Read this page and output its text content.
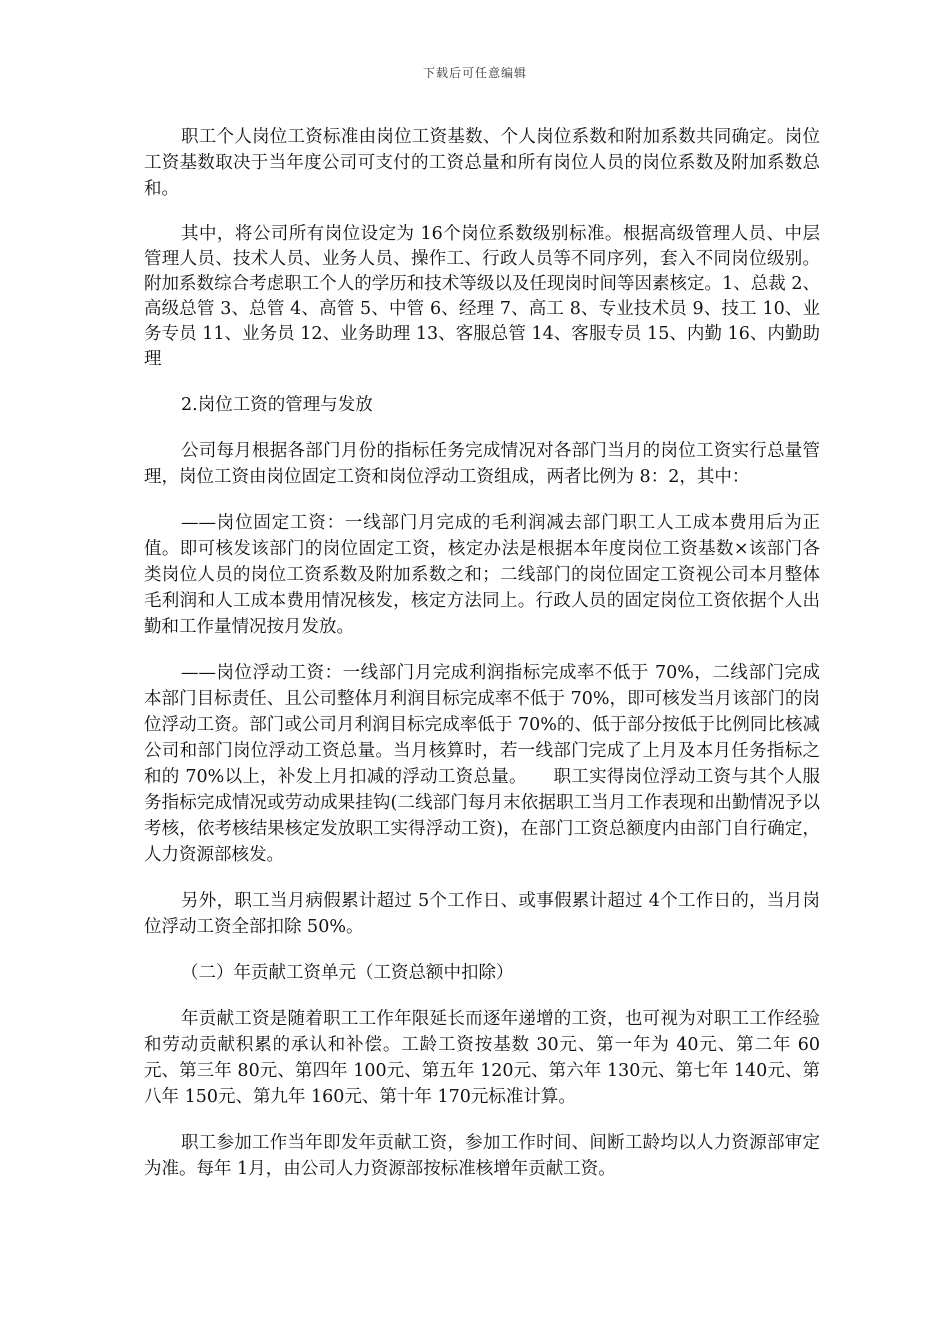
下载后可任意编辑

职工个人岗位工资标准由岗位工资基数、个人岗位系数和附加系数共同确定。岗位工资基数取决于当年度公司可支付的工资总量和所有岗位人员的岗位系数及附加系数总和。

其中，将公司所有岗位设定为 16个岗位系数级别标准。根据高级管理人员、中层管理人员、技术人员、业务人员、操作工、行政人员等不同序列，套入不同岗位级别。附加系数综合考虑职工个人的学历和技术等级以及任现岗时间等因素核定。1、总裁 2、高级总管 3、总管 4、高管 5、中管 6、经理 7、高工 8、专业技术员 9、技工 10、业务专员 11、业务员 12、业务助理 13、客服总管 14、客服专员 15、内勤 16、内勤助理

2.岗位工资的管理与发放

公司每月根据各部门月份的指标任务完成情况对各部门当月的岗位工资实行总量管理，岗位工资由岗位固定工资和岗位浮动工资组成，两者比例为 8：2，其中：

——岗位固定工资：一线部门月完成的毛利润减去部门职工人工成本费用后为正值。即可核发该部门的岗位固定工资，核定办法是根据本年度岗位工资基数×该部门各类岗位人员的岗位工资系数及附加系数之和；二线部门的岗位固定工资视公司本月整体毛利润和人工成本费用情况核发，核定方法同上。行政人员的固定岗位工资依据个人出勤和工作量情况按月发放。

——岗位浮动工资：一线部门月完成利润指标完成率不低于 70%，二线部门完成本部门目标责任、且公司整体月利润目标完成率不低于 70%，即可核发当月该部门的岗位浮动工资。部门或公司月利润目标完成率低于 70%的、低于部分按低于比例同比核减公司和部门岗位浮动工资总量。当月核算时，若一线部门完成了上月及本月任务指标之和的 70%以上，补发上月扣减的浮动工资总量。　　职工实得岗位浮动工资与其个人服务指标完成情况或劳动成果挂钩(二线部门每月末依据职工当月工作表现和出勤情况予以考核，依考核结果核定发放职工实得浮动工资)，在部门工资总额度内由部门自行确定，人力资源部核发。

另外，职工当月病假累计超过 5个工作日、或事假累计超过 4个工作日的，当月岗位浮动工资全部扣除 50%。

（二）年贡献工资单元（工资总额中扣除）

年贡献工资是随着职工工作年限延长而逐年递增的工资，也可视为对职工工作经验和劳动贡献积累的承认和补偿。工龄工资按基数 30元、第一年为 40元、第二年 60元、第三年 80元、第四年 100元、第五年 120元、第六年 130元、第七年 140元、第八年 150元、第九年 160元、第十年 170元标准计算。

职工参加工作当年即发年贡献工资，参加工作时间、间断工龄均以人力资源部审定为准。每年 1月，由公司人力资源部按标准核增年贡献工资。
